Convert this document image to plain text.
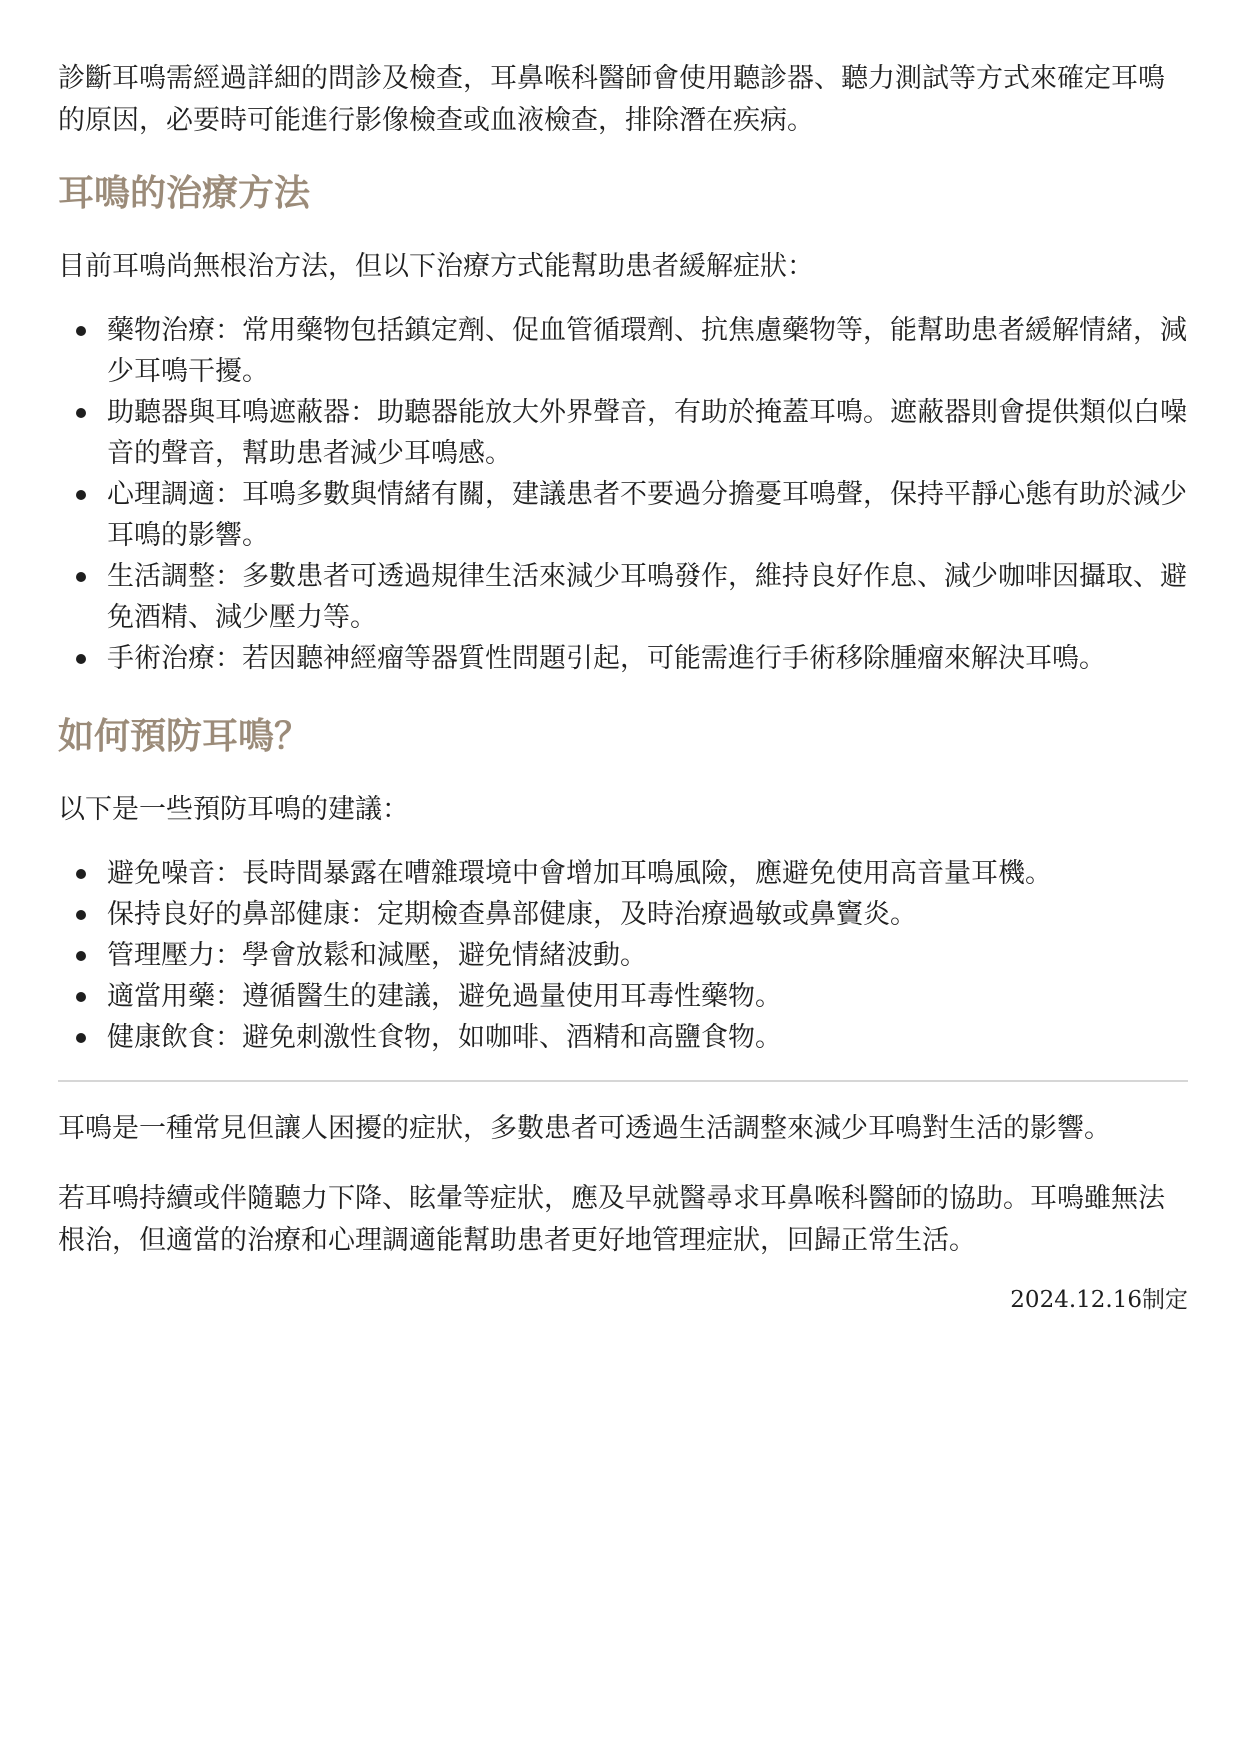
診斷耳鳴需經過詳細的問診及檢查，耳鼻喉科醫師會使用聽診器、聽力測試等方式來確定耳鳴的原因，必要時可能進行影像檢查或血液檢查，排除潛在疾病。

耳鳴的治療方法

目前耳鳴尚無根治方法，但以下治療方式能幫助患者緩解症狀：

藥物治療：常用藥物包括鎮定劑、促血管循環劑、抗焦慮藥物等，能幫助患者緩解情緒，減少耳鳴干擾。
助聽器與耳鳴遮蔽器：助聽器能放大外界聲音，有助於掩蓋耳鳴。遮蔽器則會提供類似白噪音的聲音，幫助患者減少耳鳴感。
心理調適：耳鳴多數與情緒有關，建議患者不要過分擔憂耳鳴聲，保持平靜心態有助於減少耳鳴的影響。
生活調整：多數患者可透過規律生活來減少耳鳴發作，維持良好作息、減少咖啡因攝取、避免酒精、減少壓力等。
手術治療：若因聽神經瘤等器質性問題引起，可能需進行手術移除腫瘤來解決耳鳴。
如何預防耳鳴？

以下是一些預防耳鳴的建議：

避免噪音：長時間暴露在嘈雜環境中會增加耳鳴風險，應避免使用高音量耳機。
保持良好的鼻部健康：定期檢查鼻部健康，及時治療過敏或鼻竇炎。
管理壓力：學會放鬆和減壓，避免情緒波動。
適當用藥：遵循醫生的建議，避免過量使用耳毒性藥物。
健康飲食：避免刺激性食物，如咖啡、酒精和高鹽食物。

耳鳴是一種常見但讓人困擾的症狀，多數患者可透過生活調整來減少耳鳴對生活的影響。

若耳鳴持續或伴隨聽力下降、眩暈等症狀，應及早就醫尋求耳鼻喉科醫師的協助。耳鳴雖無法根治，但適當的治療和心理調適能幫助患者更好地管理症狀，回歸正常生活。

2024.12.16制定
